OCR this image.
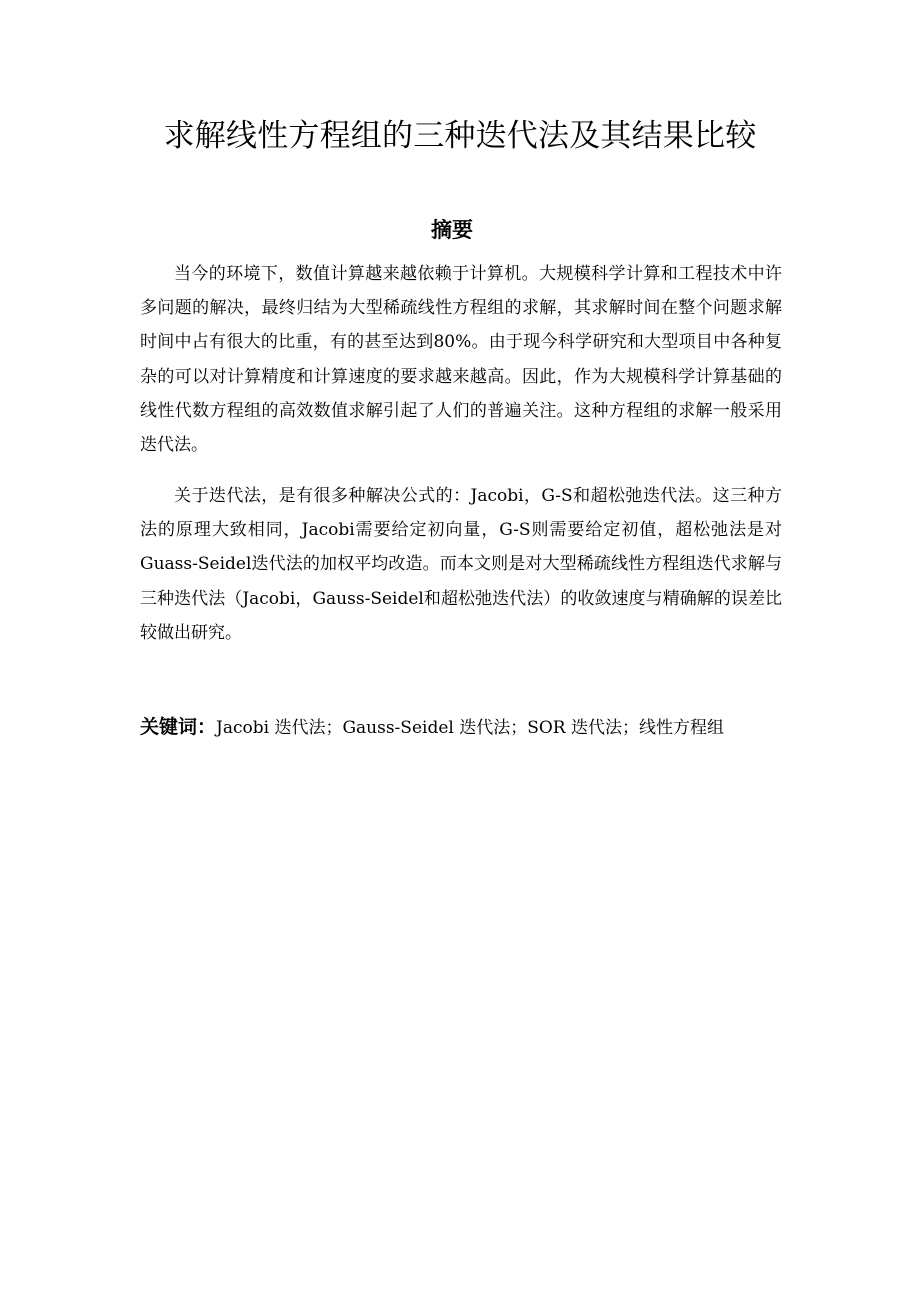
求解线性方程组的三种迭代法及其结果比较
摘要

当今的环境下，数值计算越来越依赖于计算机。大规模科学计算和工程技术中许多问题的解决，最终归结为大型稀疏线性方程组的求解，其求解时间在整个问题求解时间中占有很大的比重，有的甚至达到80%。由于现今科学研究和大型项目中各种复杂的可以对计算精度和计算速度的要求越来越高。因此，作为大规模科学计算基础的线性代数方程组的高效数值求解引起了人们的普遍关注。这种方程组的求解一般采用迭代法。

关于迭代法，是有很多种解决公式的：Jacobi，G-S和超松弛迭代法。这三种方法的原理大致相同，Jacobi需要给定初向量，G-S则需要给定初值，超松弛法是对Guass-Seidel迭代法的加权平均改造。而本文则是对大型稀疏线性方程组迭代求解与三种迭代法（Jacobi，Gauss-Seidel和超松弛迭代法）的收敛速度与精确解的误差比较做出研究。

关键词：Jacobi 迭代法；Gauss-Seidel 迭代法；SOR 迭代法；线性方程组
